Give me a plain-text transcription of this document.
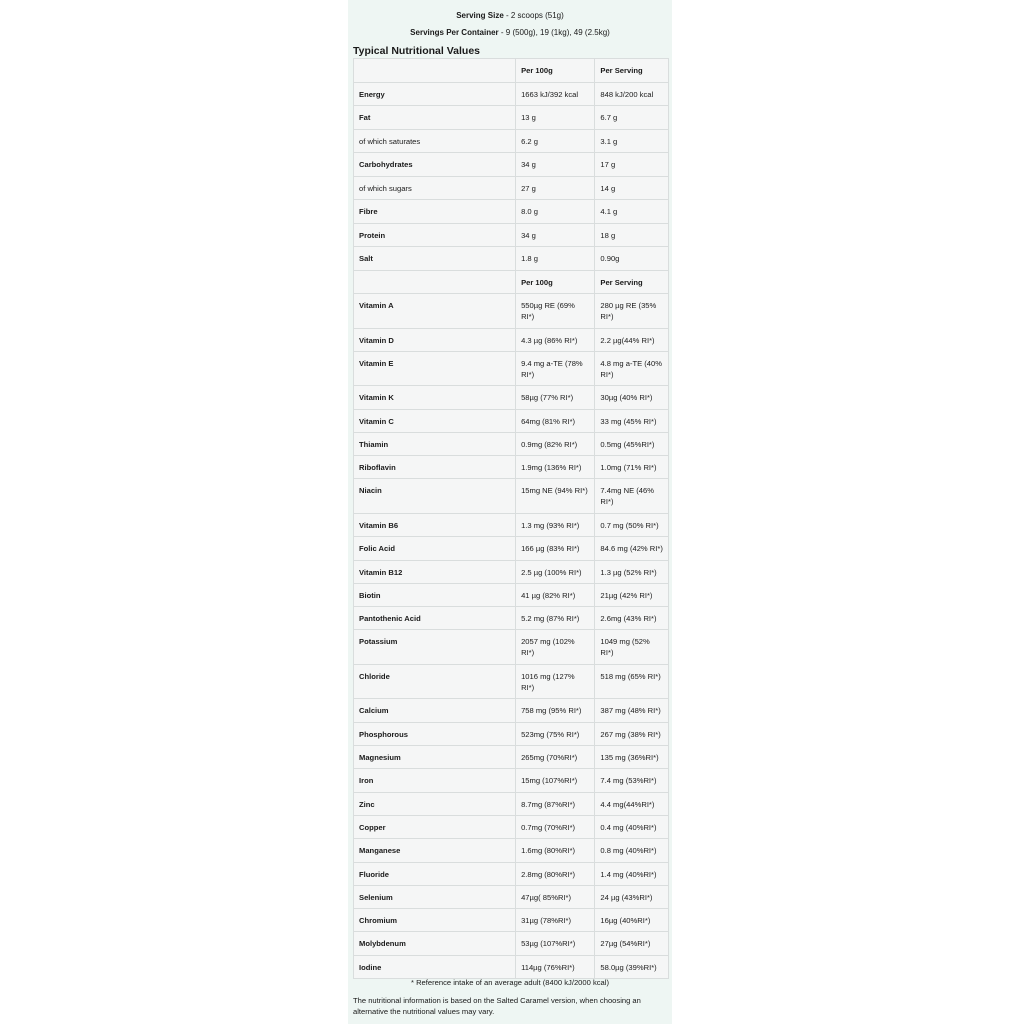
Serving Size - 2 scoops (51g)
Servings Per Container - 9 (500g), 19 (1kg), 49 (2.5kg)
Typical Nutritional Values
	Per 100g	Per Serving
Energy	1663 kJ/392 kcal	848 kJ/200 kcal
Fat	13 g	6.7 g
of which saturates	6.2 g	3.1 g
Carbohydrates	34 g	17 g
of which sugars	27 g	14 g
Fibre	8.0 g	4.1 g
Protein	34 g	18 g
Salt	1.8 g	0.90g
	Per 100g	Per Serving
Vitamin A	550µg RE (69% RI*)	280 µg RE (35% RI*)
Vitamin D	4.3 µg (86% RI*)	2.2 µg(44% RI*)
Vitamin E	9.4 mg a-TE (78% RI*)	4.8 mg a-TE (40% RI*)
Vitamin K	58µg (77% RI*)	30µg (40% RI*)
Vitamin C	64mg (81% RI*)	33 mg (45% RI*)
Thiamin	0.9mg (82% RI*)	0.5mg (45%RI*)
Riboflavin	1.9mg (136% RI*)	1.0mg (71% RI*)
Niacin	15mg NE (94% RI*)	7.4mg NE (46% RI*)
Vitamin B6	1.3 mg (93% RI*)	0.7 mg (50% RI*)
Folic Acid	166 µg (83% RI*)	84.6 mg (42% RI*)
Vitamin B12	2.5 µg (100% RI*)	1.3 µg (52% RI*)
Biotin	41 µg (82% RI*)	21µg (42% RI*)
Pantothenic Acid	5.2 mg (87% RI*)	2.6mg (43% RI*)
Potassium	2057 mg (102% RI*)	1049 mg (52% RI*)
Chloride	1016 mg (127% RI*)	518 mg (65% RI*)
Calcium	758 mg (95% RI*)	387 mg (48% RI*)
Phosphorous	523mg (75% RI*)	267 mg (38% RI*)
Magnesium	265mg (70%RI*)	135 mg (36%RI*)
Iron	15mg (107%RI*)	7.4 mg (53%RI*)
Zinc	8.7mg (87%RI*)	4.4 mg(44%RI*)
Copper	0.7mg (70%RI*)	0.4 mg (40%RI*)
Manganese	1.6mg (80%RI*)	0.8 mg (40%RI*)
Fluoride	2.8mg (80%RI*)	1.4 mg (40%RI*)
Selenium	47µg( 85%RI*)	24 µg (43%RI*)
Chromium	31µg (78%RI*)	16µg (40%RI*)
Molybdenum	53µg (107%RI*)	27µg (54%RI*)
Iodine	114µg (76%RI*)	58.0µg (39%RI*)
* Reference intake of an average adult (8400 kJ/2000 kcal)
The nutritional information is based on the Salted Caramel version, when choosing an alternative the nutritional values may vary.
